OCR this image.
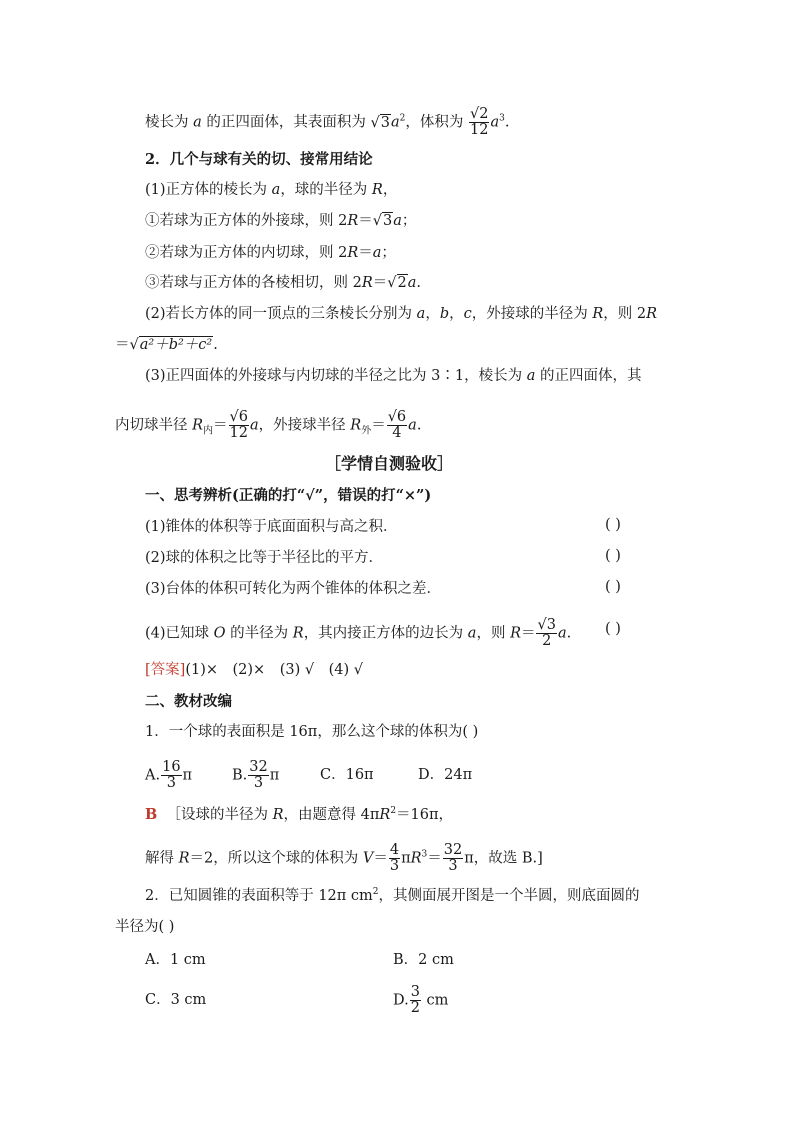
棱长为 a 的正四面体，其表面积为 $√3a^2$，体积为 $\frac{√2}{12} a^3$.
2．几个与球有关的切、接常用结论
(1)正方体的棱长为 a，球的半径为 R，
①若球为正方体的外接球，则 2R＝√3a；
②若球为正方体的内切球，则 2R＝a；
③若球与正方体的各棱相切，则 2R＝√2a.
(2)若长方体的同一顶点的三条棱长分别为 a，b，c，外接球的半径为 R，则 2R
＝√a²＋b²＋c².
(3)正四面体的外接球与内切球的半径之比为 3∶1，棱长为 a 的正四面体，其
内切球半径 $R_内= \frac{√6}{12}$ a，外接球半径 $R_外= \frac{√6}{4} a$.
［学情自测验收］
一、思考辨析(正确的打“√”，错误的打“×”)
(1)锥体的体积等于底面面积与高之积．	( )
(2)球的体积之比等于半径比的平方．	( )
(3)台体的体积可转化为两个锥体的体积之差．	( )
(4)已知球 O 的半径为 R，其内接正方体的边长为 a，则 $R= \frac{√3}{2} a$. ( )
[答案](1)×　(2)×　(3) √　(4) √
二、教材改编
1．一个球的表面积是 16π，那么这个球的体积为( )
A. $\frac{16}{3}$ π	B. $\frac{32}{3}$ π	C．16π	D．24π
B ［设球的半径为 R，由题意得 $4\pi R^2=16\pi$，
解得 R＝2，所以这个球的体积为 $V= \frac{4}{3} \pi R^3= \frac{32}{3}$ π，故选 B.]
2．已知圆锥的表面积等于 12π $cm^2$，其侧面展开图是一个半圆，则底面圆的
半径为( )
A．1 cm	B．2 cm
C．3 cm	D. $\frac{3}{2}$ cm
